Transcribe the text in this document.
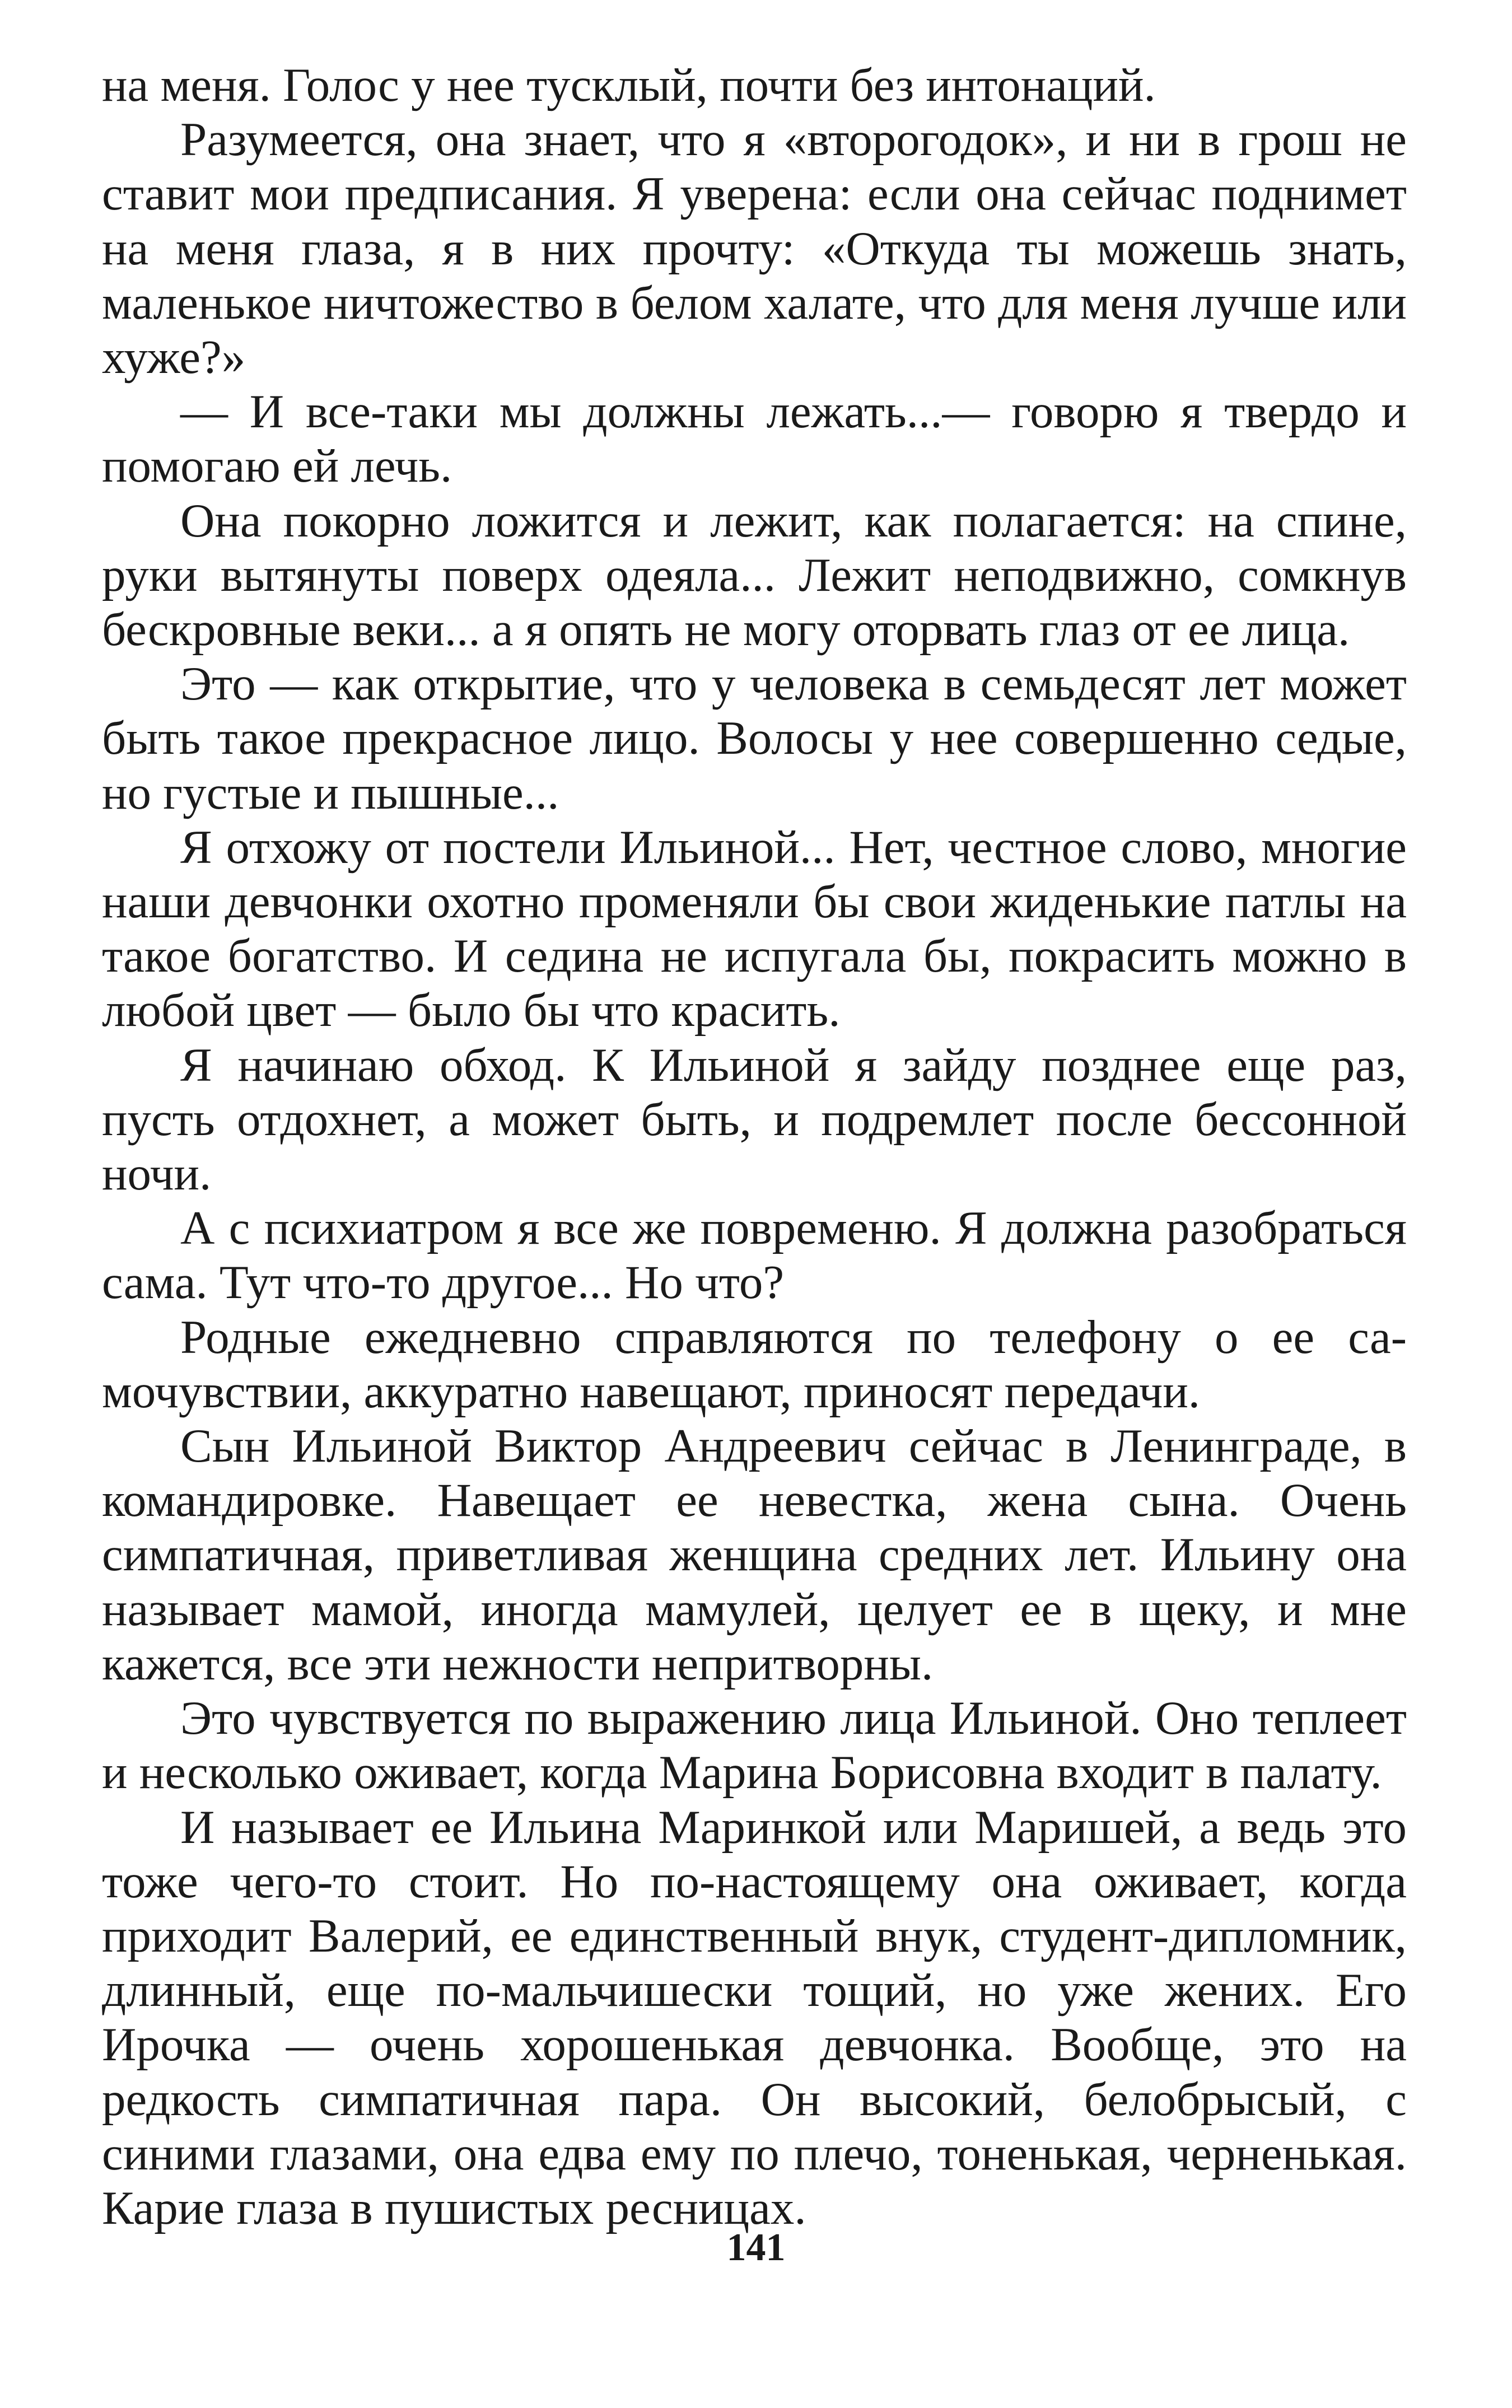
на меня. Голос у нее тусклый, почти без интонаций.

Разумеется, она знает, что я «второгодок», и ни в грош не ставит мои предписания. Я уверена: если она сейчас поднимет на меня глаза, я в них прочту: «Откуда ты можешь знать, маленькое ничтожество в белом халате, что для меня лучше или хуже?»

— И все-таки мы должны лежать...— говорю я твердо и помогаю ей лечь.

Она покорно ложится и лежит, как полагается: на спине, руки вытянуты поверх одеяла... Лежит неподвижно, сомкнув бескровные веки... а я опять не могу оторвать глаз от ее лица.

Это — как открытие, что у человека в семьдесят лет может быть такое прекрасное лицо. Волосы у нее совершенно седые, но густые и пышные...

Я отхожу от постели Ильиной... Нет, честное слово, многие наши девчонки охотно променяли бы свои жиденькие патлы на такое богатство. И седина не испугала бы, покрасить можно в любой цвет — было бы что красить.

Я начинаю обход. К Ильиной я зайду позднее еще раз, пусть отдохнет, а может быть, и подремлет после бессонной ночи.

А с психиатром я все же повременю. Я должна разобраться сама. Тут что-то другое... Но что?

Родные ежедневно справляются по телефону о ее самочувствии, аккуратно навещают, приносят передачи.

Сын Ильиной Виктор Андреевич сейчас в Ленинграде, в командировке. Навещает ее невестка, жена сына. Очень симпатичная, приветливая женщина средних лет. Ильину она называет мамой, иногда мамулей, целует ее в щеку, и мне кажется, все эти нежности непритворны.

Это чувствуется по выражению лица Ильиной. Оно теплеет и несколько оживает, когда Марина Борисовна входит в палату.

И называет ее Ильина Маринкой или Маришей, а ведь это тоже чего-то стоит. Но по-настоящему она оживает, когда приходит Валерий, ее единственный внук, студент-дипломник, длинный, еще по-мальчишески тощий, но уже жених. Его Ирочка — очень хорошенькая девчонка. Вообще, это на редкость симпатичная пара. Он высокий, белобрысый, с синими глазами, она едва ему по плечо, тоненькая, черненькая. Карие глаза в пушистых ресницах.

141
